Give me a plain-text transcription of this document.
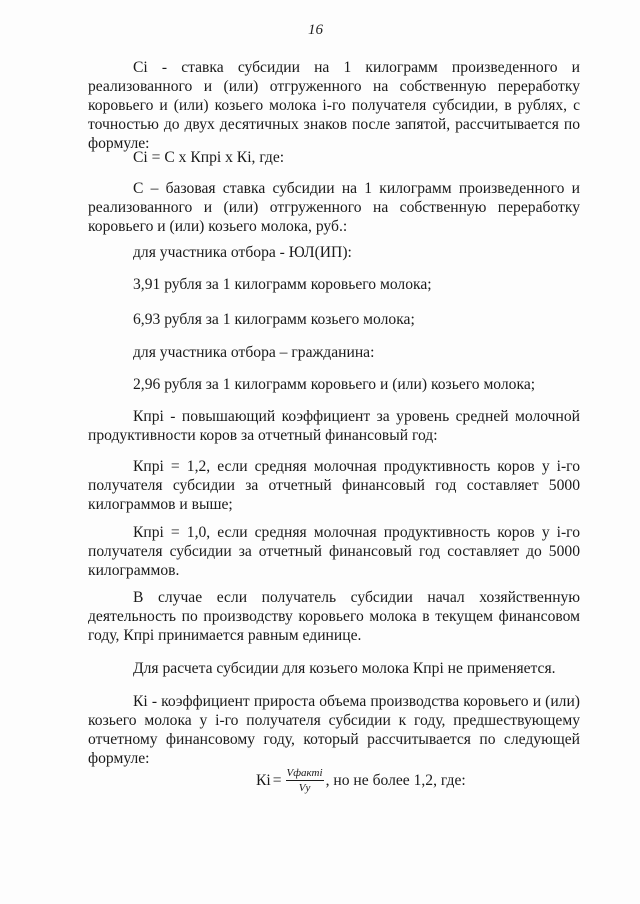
16
Сi - ставка субсидии на 1 килограмм произведенного и реализованного и (или) отгруженного на собственную переработку коровьего и (или) козьего молока i-го получателя субсидии, в рублях, с точностью до двух десятичных знаков после запятой, рассчитывается по формуле:
Сi = С х Кпрi х Кi, где:
С – базовая ставка субсидии на 1 килограмм произведенного и реализованного и (или) отгруженного на собственную переработку коровьего и (или) козьего молока, руб.:
для участника отбора - ЮЛ(ИП):
3,91 рубля за 1 килограмм коровьего молока;
6,93 рубля за 1 килограмм козьего молока;
для участника отбора – гражданина:
2,96 рубля за 1 килограмм коровьего и (или) козьего молока;
Кпрi - повышающий коэффициент за уровень средней молочной продуктивности коров за отчетный финансовый год:
Кпрi = 1,2, если средняя молочная продуктивность коров у i-го получателя субсидии за отчетный финансовый год составляет 5000 килограммов и выше;
Кпрi = 1,0, если средняя молочная продуктивность коров у i-го получателя субсидии за отчетный финансовый год составляет до 5000 килограммов.
В случае если получатель субсидии начал хозяйственную деятельность по производству коровьего молока в текущем финансовом году, Кпрi принимается равным единице.
Для расчета субсидии для козьего молока Кпрi не применяется.
Кi - коэффициент прироста объема производства коровьего и (или) козьего молока у i-го получателя субсидии к году, предшествующему отчетному финансовому году, который рассчитывается по следующей формуле:
Кi = $\frac{\text{Vфактi}}{Vу}$ , но не более 1,2, где:
